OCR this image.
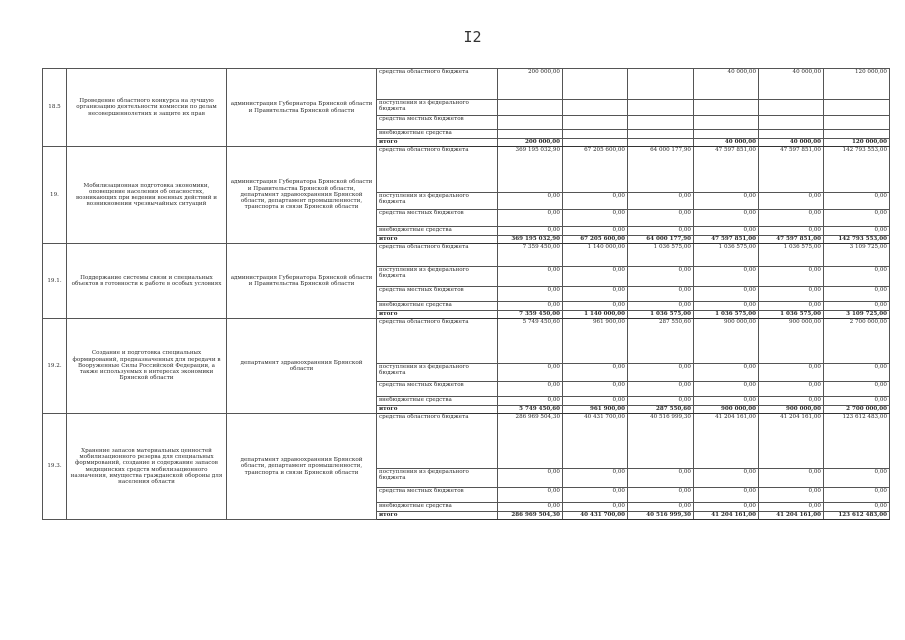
I2
18.5	Проведение областного конкурса на лучшую организацию деятельности комиссии по делам несовершеннолетних и защите их прав	администрация Губернатора Брянской области и Правительства Брянской области	средства областного бюджета	200 000,00			40 000,00	40 000,00	120 000,00
			поступления из федерального бюджета						
			средства местных бюджетов						
			внебюджетные средства						
			итого	200 000,00			40 000,00	40 000,00	120 000,00
19.	Мобилизационная подготовка экономики, оповещение населения об опасностях, возникающих при ведении военных действий и возникновении чрезвычайных ситуаций	администрация Губернатора Брянской области и Правительства Брянской области, департамент здравоохранения Брянской области, департамент промышленности, транспорта и связи Брянской области	средства областного бюджета	369 195 032,90	67 205 600,00	64 000 177,90	47 597 851,00	47 597 851,00	142 793 553,00
			поступления из федерального бюджета	0,00	0,00	0,00	0,00	0,00	0,00
			средства местных бюджетов	0,00	0,00	0,00	0,00	0,00	0,00
			внебюджетные средства	0,00	0,00	0,00	0,00	0,00	0,00
			итого	369 195 032,90	67 205 600,00	64 000 177,90	47 597 851,00	47 597 851,00	142 793 553,00
19.1.	Поддержание системы связи и специальных объектов в готовности к работе в особых условиях	администрация Губернатора Брянской области и Правительства Брянской области	средства областного бюджета	7 359 450,00	1 140 000,00	1 036 575,00	1 036 575,00	1 036 575,00	3 109 725,00
			поступления из федерального бюджета	0,00	0,00	0,00	0,00	0,00	0,00
			средства местных бюджетов	0,00	0,00	0,00	0,00	0,00	0,00
			внебюджетные средства	0,00	0,00	0,00	0,00	0,00	0,00
			итого	7 359 450,00	1 140 000,00	1 036 575,00	1 036 575,00	1 036 575,00	3 109 725,00
19.2.	Создание и подготовка специальных формирований, предназначенных для передачи в Вооруженные Силы Российской Федерации, а также используемых в интересах экономики Брянской области	департамент здравоохранения Брянской области	средства областного бюджета	5 749 450,60	961 900,00	287 550,60	900 000,00	900 000,00	2 700 000,00
			поступления из федерального бюджета	0,00	0,00	0,00	0,00	0,00	0,00
			средства местных бюджетов	0,00	0,00	0,00	0,00	0,00	0,00
			внебюджетные средства	0,00	0,00	0,00	0,00	0,00	0,00
			итого	5 749 450,60	961 900,00	287 550,60	900 000,00	900 000,00	2 700 000,00
19.3.	Хранение запасов материальных ценностей мобилизационного резерва для специальных формирований, создание и содержание запасов медицинских средств мобилизационного назначения, имущества гражданской обороны для населения области	департамент здравоохранения Брянской области, департамент промышленности, транспорта и связи Брянской области	средства областного бюджета	286 969 504,30	40 431 700,00	40 516 999,30	41 204 161,00	41 204 161,00	123 612 483,00
			поступления из федерального бюджета	0,00	0,00	0,00	0,00	0,00	0,00
			средства местных бюджетов	0,00	0,00	0,00	0,00	0,00	0,00
			внебюджетные средства	0,00	0,00	0,00	0,00	0,00	0,00
			итого	286 969 504,30	40 431 700,00	40 516 999,30	41 204 161,00	41 204 161,00	123 612 483,00
